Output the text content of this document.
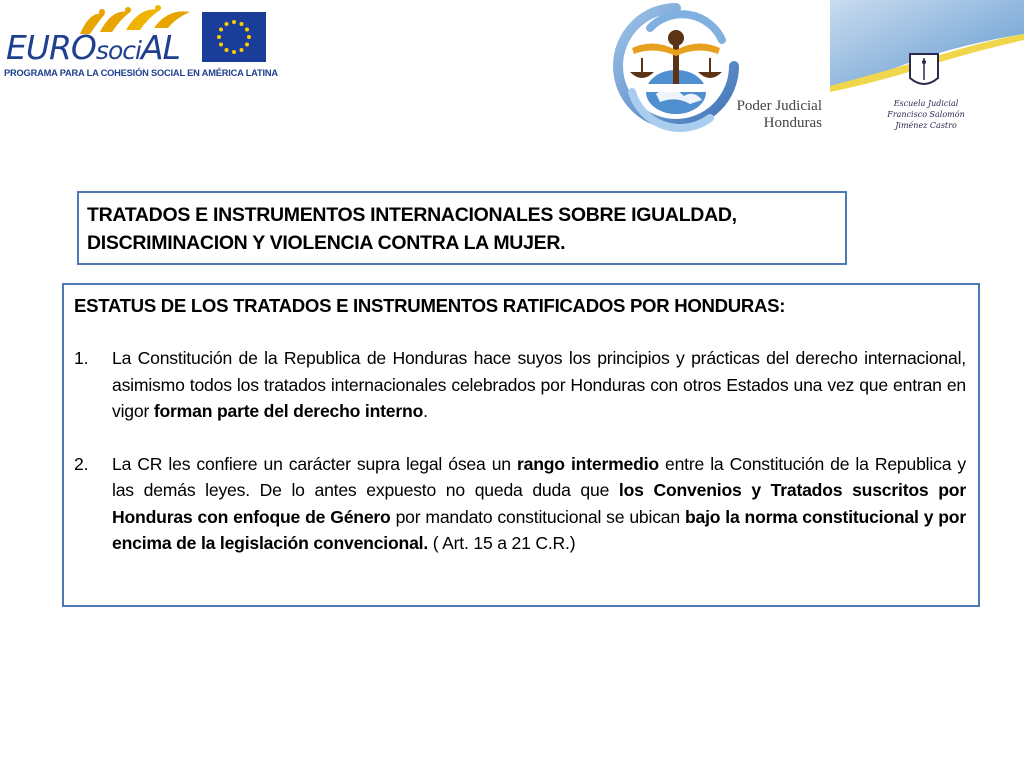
EUROsociAL
PROGRAMA PARA LA COHESIÓN SOCIAL EN AMÉRICA LATINA
Poder Judicial
Honduras
Escuela Judicial
Francisco Salomón Jiménez Castro

TRATADOS E INSTRUMENTOS INTERNACIONALES SOBRE IGUALDAD,

DISCRIMINACION Y VIOLENCIA CONTRA LA MUJER.

ESTATUS DE LOS TRATADOS E INSTRUMENTOS RATIFICADOS POR HONDURAS:

1. La Constitución de la Republica de Honduras hace suyos los principios y prácticas del derecho internacional, asimismo todos los tratados internacionales celebrados por Honduras con otros Estados una vez que entran en vigor forman parte del derecho interno.
2. La CR les confiere un carácter supra legal ósea un rango intermedio entre la Constitución de la Republica y las demás leyes. De lo antes expuesto no queda duda que los Convenios y Tratados suscritos por Honduras con enfoque de Género por mandato constitucional se ubican bajo la norma constitucional y por encima de la legislación convencional. ( Art. 15 a 21 C.R.)
